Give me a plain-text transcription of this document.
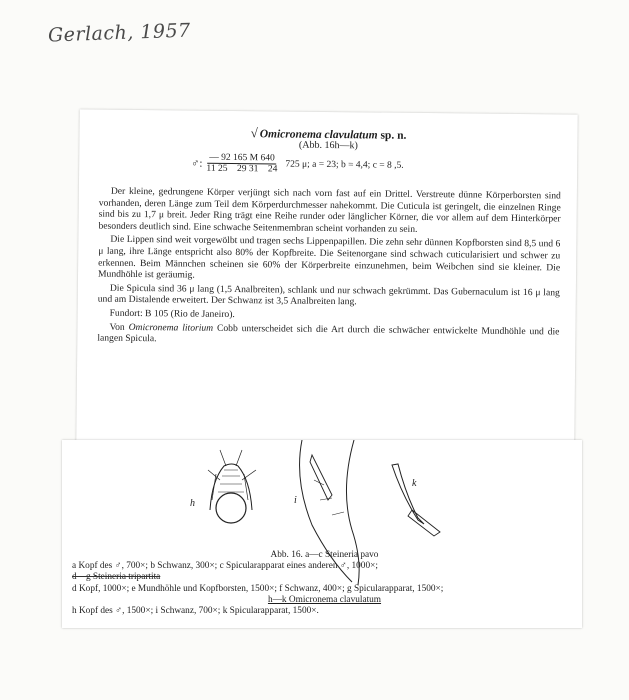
Gerlach, 1957
√ Omicronema clavulatum sp. n.
(Abb. 16h—k)
♂: $\frac{— 92 165 M 640}{11 25 29 31 24} 725$ μ; a = 23; b = 4,4; c = 8 ,5.

Der kleine, gedrungene Körper verjüngt sich nach vorn fast auf ein Drittel. Verstreute dünne Körperborsten sind vorhanden, deren Länge zum Teil dem Körperdurchmesser nahekommt. Die Cuticula ist geringelt, die einzelnen Ringe sind bis zu 1,7 μ breit. Jeder Ring trägt eine Reihe runder oder länglicher Körner, die vor allem auf dem Hinterkörper besonders deutlich sind. Eine schwache Seitenmembran scheint vorhanden zu sein.

Die Lippen sind weit vorgewölbt und tragen sechs Lippenpapillen. Die zehn sehr dünnen Kopfborsten sind 8,5 und 6 μ lang, ihre Länge entspricht also 80% der Kopfbreite. Die Seitenorgane sind schwach cuticularisiert und schwer zu erkennen. Beim Männchen scheinen sie 60% der Körperbreite einzunehmen, beim Weibchen sind sie kleiner. Die Mundhöhle ist geräumig.

Die Spicula sind 36 μ lang (1,5 Analbreiten), schlank und nur schwach gekrümmt. Das Gubernaculum ist 16 μ lang und am Distalende erweitert. Der Schwanz ist 3,5 Analbreiten lang.

Fundort: B 105 (Rio de Janeiro).

Von Omicronema litorium Cobb unterscheidet sich die Art durch die schwächer entwickelte Mundhöhle und die langen Spicula.

h	i
k
Abb. 16. a—c Steineria pavo
a Kopf des ♂, 700×; b Schwanz, 300×; c Spicularapparat eines anderen ♂, 1000×;
d—g Steineria tripartita
d Kopf, 1000×; e Mundhöhle und Kopfborsten, 1500×; f Schwanz, 400×; g Spicularapparat, 1500×;
h—k Omicronema clavulatum
h Kopf des ♂, 1500×; i Schwanz, 700×; k Spicularapparat, 1500×.
